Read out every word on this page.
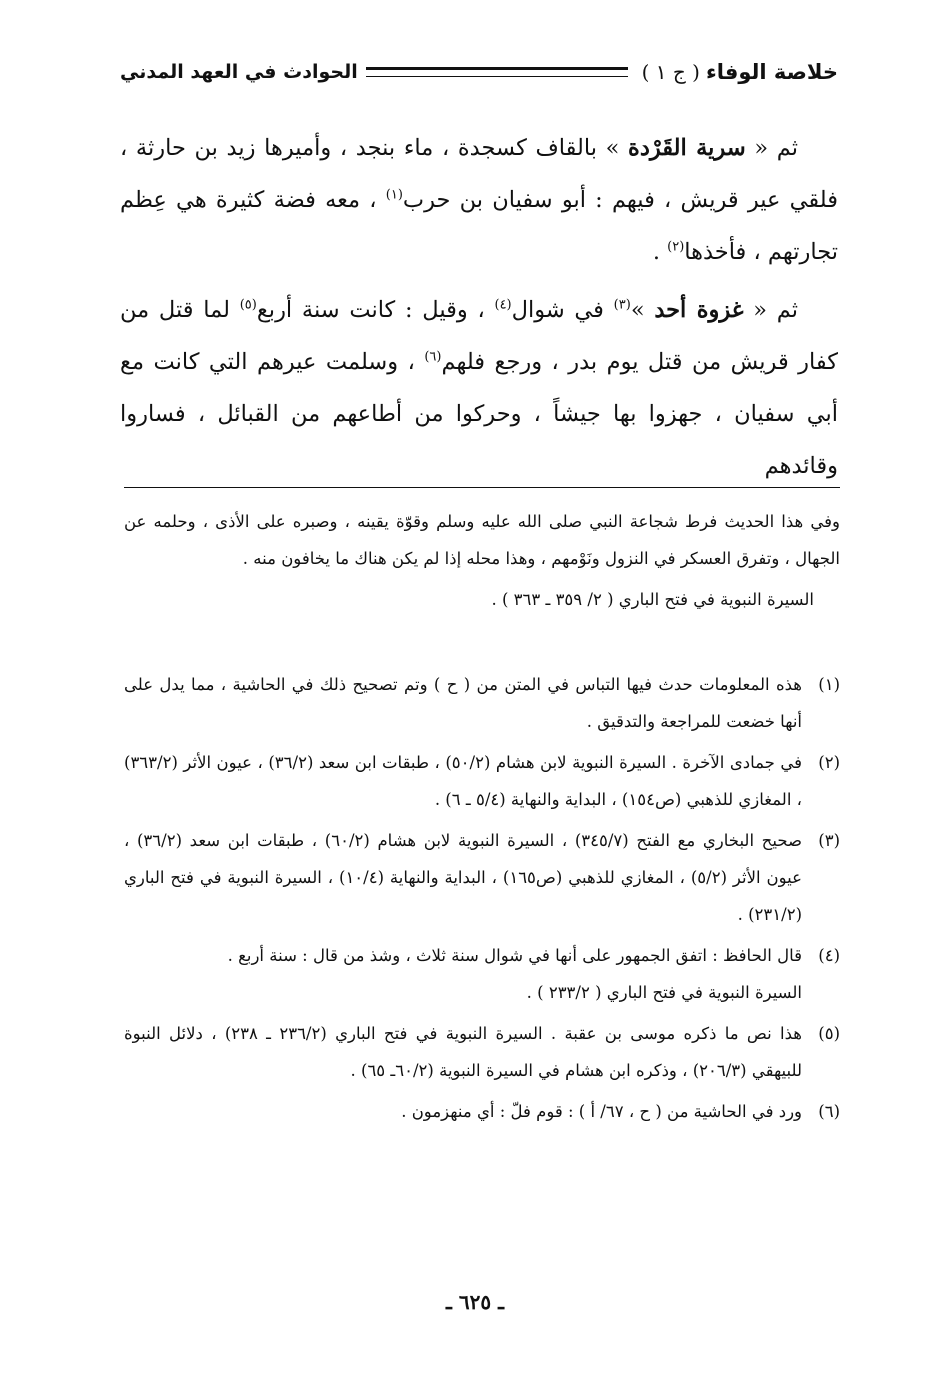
خلاصة الوفاء
( ج ١ )
الحوادث في العهد المدني

ثم « سرية القَرْدة » بالقاف كسجدة ، ماء بنجد ، وأميرها زيد بن حارثة ، فلقي عير قريش ، فيهم : أبو سفيان بن حرب$^{(١)}$ ، معه فضة كثيرة هي عِظم تجارتهم ، فأخذها$^{(٢)}$ .

ثم « غزوة أحد »$^{(٣)}$ في شوال$^{(٤)}$ ، وقيل : كانت سنة أربع$^{(٥)}$ لما قتل من كفار قريش من قتل يوم بدر ، ورجع فلهم$^{(٦)}$ ، وسلمت عيرهم التي كانت مع أبي سفيان ، جهزوا بها جيشاً ، وحركوا من أطاعهم من القبائل ، فساروا وقائدهم

وفي هذا الحديث فرط شجاعة النبي صلى الله عليه وسلم وقوّة يقينه ، وصبره على الأذى ، وحلمه عن الجهال ، وتفرق العسكر في النزول ونَوْمهم ، وهذا محله إذا لم يكن هناك ما يخافون منه .

السيرة النبوية في فتح الباري ( ٢/ ٣٥٩ ـ ٣٦٣ ) .

(١)
هذه المعلومات حدث فيها التباس في المتن من ( ح ) وتم تصحيح ذلك في الحاشية ، مما يدل على أنها خضعت للمراجعة والتدقيق .
(٢)
في جمادى الآخرة . السيرة النبوية لابن هشام (٥٠/٢) ، طبقات ابن سعد (٣٦/٢) ، عيون الأثر (٣٦٣/٢) ، المغازي للذهبي (ص١٥٤) ، البداية والنهاية (٥/٤ ـ ٦) .
(٣)
صحيح البخاري مع الفتح (٣٤٥/٧) ، السيرة النبوية لابن هشام (٦٠/٢) ، طبقات ابن سعد (٣٦/٢) ، عيون الأثر (٥/٢) ، المغازي للذهبي (ص١٦٥) ، البداية والنهاية (١٠/٤) ، السيرة النبوية في فتح الباري (٢٣١/٢) .
(٤)
قال الحافظ : اتفق الجمهور على أنها في شوال سنة ثلاث ، وشذ من قال : سنة أربع .
السيرة النبوية في فتح الباري ( ٢٣٣/٢ ) .
(٥)
هذا نص ما ذكره موسى بن عقبة . السيرة النبوية في فتح الباري (٢٣٦/٢ ـ ٢٣٨) ، دلائل النبوة للبيهقي (٢٠٦/٣) ، وذكره ابن هشام في السيرة النبوية (٦٠/٢ـ ٦٥) .
(٦)
ورد في الحاشية من ( ح ، ٦٧/ أ ) : قوم فلّ : أي منهزمون .
ـ ٦٢٥ ـ
